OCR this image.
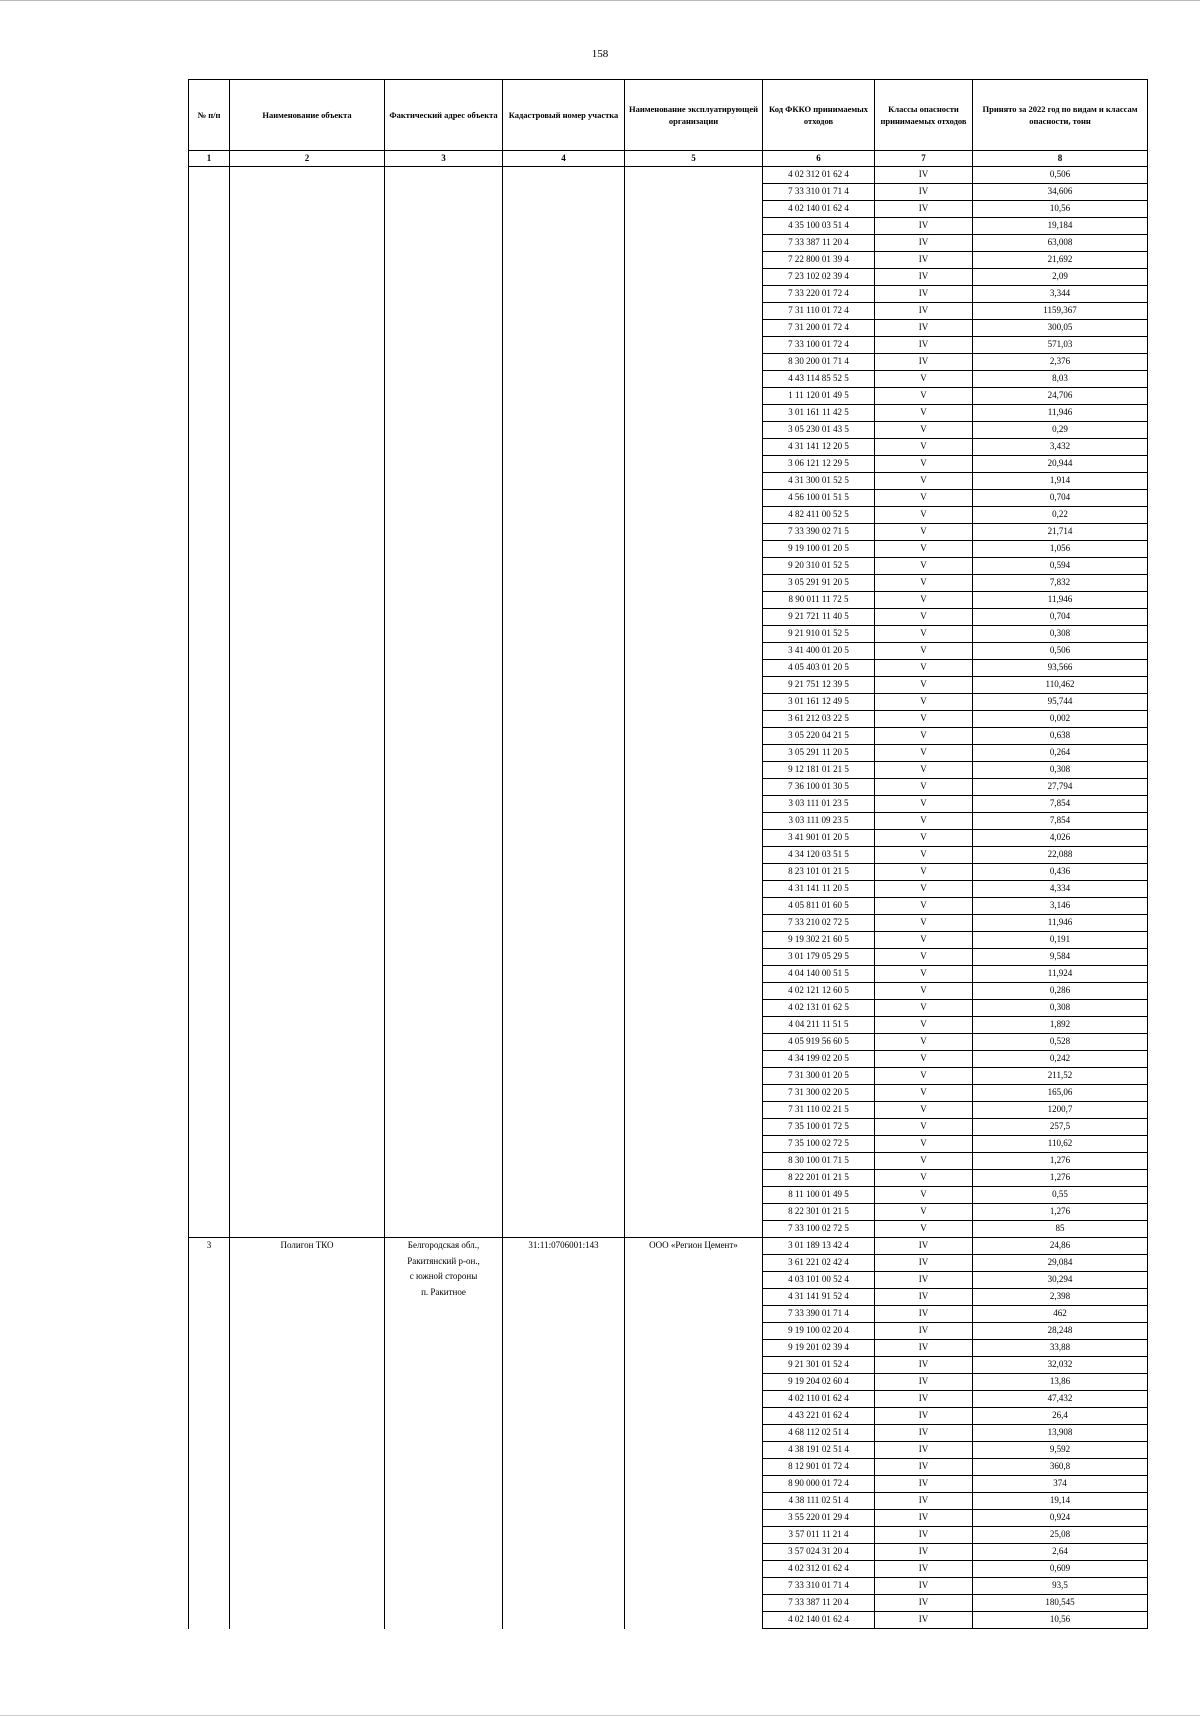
158
№ п/п	Наименование объекта	Фактический адрес объекта	Кадастровый номер участка	Наименование эксплуатирующей организации	Код ФККО принимаемых отходов	Классы опасности принимаемых отходов	Принято за 2022 год по видам и классам опасности, тонн
1	2	3	4	5	6	7	8
					4 02 312 01 62 4	IV	0,506
					7 33 310 01 71 4	IV	34,606
					4 02 140 01 62 4	IV	10,56
					4 35 100 03 51 4	IV	19,184
					7 33 387 11 20 4	IV	63,008
					7 22 800 01 39 4	IV	21,692
					7 23 102 02 39 4	IV	2,09
					7 33 220 01 72 4	IV	3,344
					7 31 110 01 72 4	IV	1159,367
					7 31 200 01 72 4	IV	300,05
					7 33 100 01 72 4	IV	571,03
					8 30 200 01 71 4	IV	2,376
					4 43 114 85 52 5	V	8,03
					1 11 120 01 49 5	V	24,706
					3 01 161 11 42 5	V	11,946
					3 05 230 01 43 5	V	0,29
					4 31 141 12 20 5	V	3,432
					3 06 121 12 29 5	V	20,944
					4 31 300 01 52 5	V	1,914
					4 56 100 01 51 5	V	0,704
					4 82 411 00 52 5	V	0,22
					7 33 390 02 71 5	V	21,714
					9 19 100 01 20 5	V	1,056
					9 20 310 01 52 5	V	0,594
					3 05 291 91 20 5	V	7,832
					8 90 011 11 72 5	V	11,946
					9 21 721 11 40 5	V	0,704
					9 21 910 01 52 5	V	0,308
					3 41 400 01 20 5	V	0,506
					4 05 403 01 20 5	V	93,566
					9 21 751 12 39 5	V	110,462
					3 01 161 12 49 5	V	95,744
					3 61 212 03 22 5	V	0,002
					3 05 220 04 21 5	V	0,638
					3 05 291 11 20 5	V	0,264
					9 12 181 01 21 5	V	0,308
					7 36 100 01 30 5	V	27,794
					3 03 111 01 23 5	V	7,854
					3 03 111 09 23 5	V	7,854
					3 41 901 01 20 5	V	4,026
					4 34 120 03 51 5	V	22,088
					8 23 101 01 21 5	V	0,436
					4 31 141 11 20 5	V	4,334
					4 05 811 01 60 5	V	3,146
					7 33 210 02 72 5	V	11,946
					9 19 302 21 60 5	V	0,191
					3 01 179 05 29 5	V	9,584
					4 04 140 00 51 5	V	11,924
					4 02 121 12 60 5	V	0,286
					4 02 131 01 62 5	V	0,308
					4 04 211 11 51 5	V	1,892
					4 05 919 56 60 5	V	0,528
					4 34 199 02 20 5	V	0,242
					7 31 300 01 20 5	V	211,52
					7 31 300 02 20 5	V	165,06
					7 31 110 02 21 5	V	1200,7
					7 35 100 01 72 5	V	257,5
					7 35 100 02 72 5	V	110,62
					8 30 100 01 71 5	V	1,276
					8 22 201 01 21 5	V	1,276
					8 11 100 01 49 5	V	0,55
					8 22 301 01 21 5	V	1,276
					7 33 100 02 72 5	V	85
3	Полигон ТКО	Белгородская обл.,
Ракитянский р-он.,
с южной стороны
п. Ракитное	31:11:0706001:143	ООО «Регион Цемент»	3 01 189 13 42 4	IV	24,86
					3 61 221 02 42 4	IV	29,084
					4 03 101 00 52 4	IV	30,294
					4 31 141 91 52 4	IV	2,398
					7 33 390 01 71 4	IV	462
					9 19 100 02 20 4	IV	28,248
					9 19 201 02 39 4	IV	33,88
					9 21 301 01 52 4	IV	32,032
					9 19 204 02 60 4	IV	13,86
					4 02 110 01 62 4	IV	47,432
					4 43 221 01 62 4	IV	26,4
					4 68 112 02 51 4	IV	13,908
					4 38 191 02 51 4	IV	9,592
					8 12 901 01 72 4	IV	360,8
					8 90 000 01 72 4	IV	374
					4 38 111 02 51 4	IV	19,14
					3 55 220 01 29 4	IV	0,924
					3 57 011 11 21 4	IV	25,08
					3 57 024 31 20 4	IV	2,64
					4 02 312 01 62 4	IV	0,609
					7 33 310 01 71 4	IV	93,5
					7 33 387 11 20 4	IV	180,545
					4 02 140 01 62 4	IV	10,56
